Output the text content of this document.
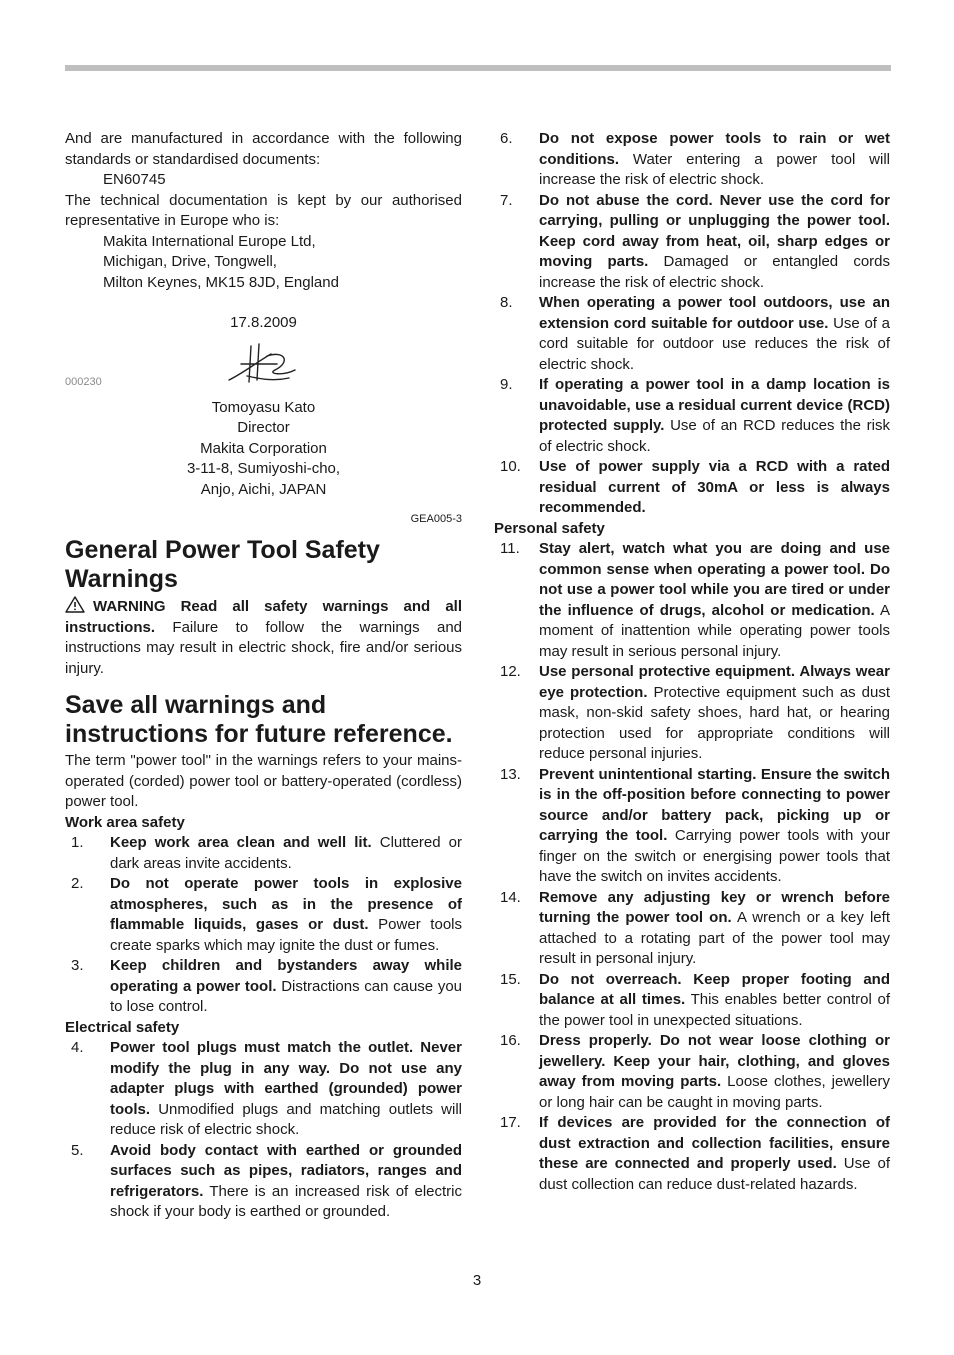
And are manufactured in accordance with the following standards or standardised documents:

EN60745

The technical documentation is kept by our authorised representative in Europe who is:

Makita International Europe Ltd,

Michigan, Drive, Tongwell,

Milton Keynes, MK15 8JD, England

17.8.2009

000230

Tomoyasu Kato

Director

Makita Corporation

3-11-8, Sumiyoshi-cho,

Anjo, Aichi, JAPAN

GEA005-3

General Power Tool Safety Warnings

WARNING Read all safety warnings and all instructions. Failure to follow the warnings and instructions may result in electric shock, fire and/or serious injury.

Save all warnings and instructions for future reference.

The term "power tool" in the warnings refers to your mains-operated (corded) power tool or battery-operated (cordless) power tool.

Work area safety

1.	Keep work area clean and well lit. Cluttered or dark areas invite accidents.
2.	Do not operate power tools in explosive atmospheres, such as in the presence of flammable liquids, gases or dust. Power tools create sparks which may ignite the dust or fumes.
3.	Keep children and bystanders away while operating a power tool. Distractions can cause you to lose control.

Electrical safety

4.	Power tool plugs must match the outlet. Never modify the plug in any way. Do not use any adapter plugs with earthed (grounded) power tools. Unmodified plugs and matching outlets will reduce risk of electric shock.
5.	Avoid body contact with earthed or grounded surfaces such as pipes, radiators, ranges and refrigerators. There is an increased risk of electric shock if your body is earthed or grounded.
6.	Do not expose power tools to rain or wet conditions. Water entering a power tool will increase the risk of electric shock.
7.	Do not abuse the cord. Never use the cord for carrying, pulling or unplugging the power tool. Keep cord away from heat, oil, sharp edges or moving parts. Damaged or entangled cords increase the risk of electric shock.
8.	When operating a power tool outdoors, use an extension cord suitable for outdoor use. Use of a cord suitable for outdoor use reduces the risk of electric shock.
9.	If operating a power tool in a damp location is unavoidable, use a residual current device (RCD) protected supply. Use of an RCD reduces the risk of electric shock.
10.	Use of power supply via a RCD with a rated residual current of 30mA or less is always recommended.

Personal safety

11.	Stay alert, watch what you are doing and use common sense when operating a power tool. Do not use a power tool while you are tired or under the influence of drugs, alcohol or medication. A moment of inattention while operating power tools may result in serious personal injury.
12.	Use personal protective equipment. Always wear eye protection. Protective equipment such as dust mask, non-skid safety shoes, hard hat, or hearing protection used for appropriate conditions will reduce personal injuries.
13.	Prevent unintentional starting. Ensure the switch is in the off-position before connecting to power source and/or battery pack, picking up or carrying the tool. Carrying power tools with your finger on the switch or energising power tools that have the switch on invites accidents.
14.	Remove any adjusting key or wrench before turning the power tool on. A wrench or a key left attached to a rotating part of the power tool may result in personal injury.
15.	Do not overreach. Keep proper footing and balance at all times. This enables better control of the power tool in unexpected situations.
16.	Dress properly. Do not wear loose clothing or jewellery. Keep your hair, clothing, and gloves away from moving parts. Loose clothes, jewellery or long hair can be caught in moving parts.
17.	If devices are provided for the connection of dust extraction and collection facilities, ensure these are connected and properly used. Use of dust collection can reduce dust-related hazards.
3
